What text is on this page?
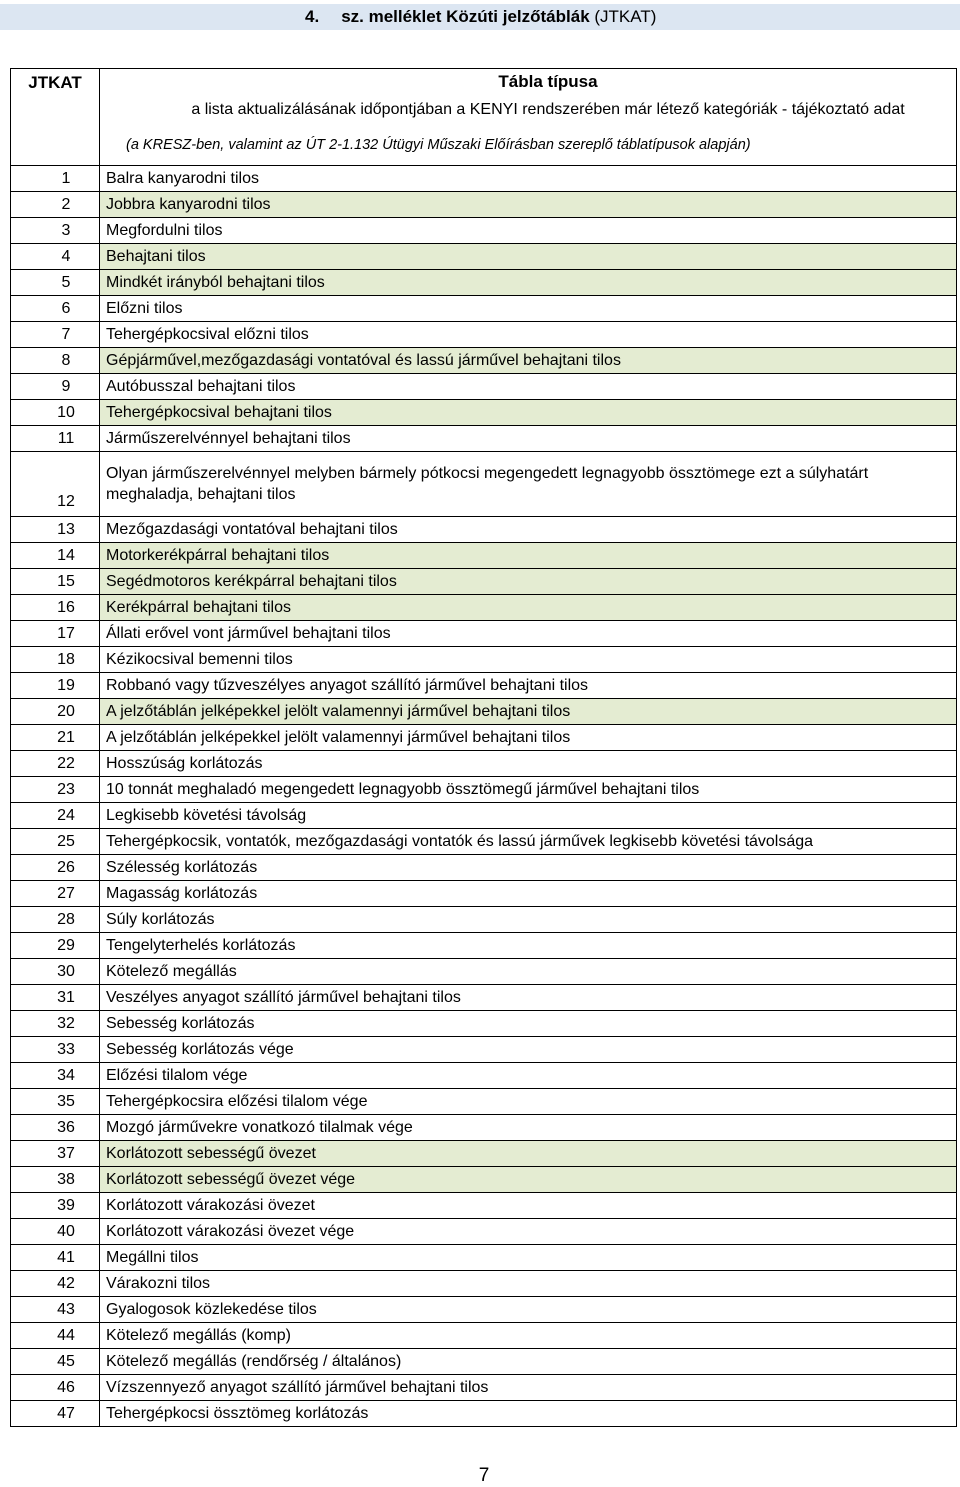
4. sz. melléklet Közúti jelzőtáblák (JTKAT)
JTKAT	Tábla típusa
a lista aktualizálásának időpontjában a KENYI rendszerében már létező kategóriák - tájékoztató adat
(a KRESZ-ben, valamint az ÚT 2-1.132 Útügyi Műszaki Előírásban szereplő táblatípusok alapján)

1	Balra kanyarodni tilos
2	Jobbra kanyarodni tilos
3	Megfordulni tilos
4	Behajtani tilos
5	Mindkét irányból behajtani tilos
6	Előzni tilos
7	Tehergépkocsival előzni tilos
8	Gépjárművel,mezőgazdasági vontatóval és lassú járművel behajtani tilos
9	Autóbusszal behajtani tilos
10	Tehergépkocsival behajtani tilos
11	Járműszerelvénnyel behajtani tilos
12	Olyan járműszerelvénnyel melyben bármely pótkocsi megengedett legnagyobb össztömege ezt a súlyhatárt meghaladja, behajtani tilos
13	Mezőgazdasági vontatóval behajtani tilos
14	Motorkerékpárral behajtani tilos
15	Segédmotoros kerékpárral behajtani tilos
16	Kerékpárral behajtani tilos
17	Állati erővel vont járművel behajtani tilos
18	Kézikocsival bemenni tilos
19	Robbanó vagy tűzveszélyes anyagot szállító járművel behajtani tilos
20	A jelzőtáblán jelképekkel jelölt valamennyi járművel behajtani tilos
21	A jelzőtáblán jelképekkel jelölt valamennyi járművel behajtani tilos
22	Hosszúság korlátozás
23	10 tonnát meghaladó megengedett legnagyobb össztömegű járművel behajtani tilos
24	Legkisebb követési távolság
25	Tehergépkocsik, vontatók, mezőgazdasági vontatók és lassú járművek legkisebb követési távolsága
26	Szélesség korlátozás
27	Magasság korlátozás
28	Súly korlátozás
29	Tengelyterhelés korlátozás
30	Kötelező megállás
31	Veszélyes anyagot szállító járművel behajtani tilos
32	Sebesség korlátozás
33	Sebesség korlátozás vége
34	Előzési tilalom vége
35	Tehergépkocsira előzési tilalom vége
36	Mozgó járművekre vonatkozó tilalmak vége
37	Korlátozott sebességű övezet
38	Korlátozott sebességű övezet vége
39	Korlátozott várakozási övezet
40	Korlátozott várakozási övezet vége
41	Megállni tilos
42	Várakozni tilos
43	Gyalogosok közlekedése tilos
44	Kötelező megállás (komp)
45	Kötelező megállás (rendőrség / általános)
46	Vízszennyező anyagot szállító járművel behajtani tilos
47	Tehergépkocsi össztömeg korlátozás
7
